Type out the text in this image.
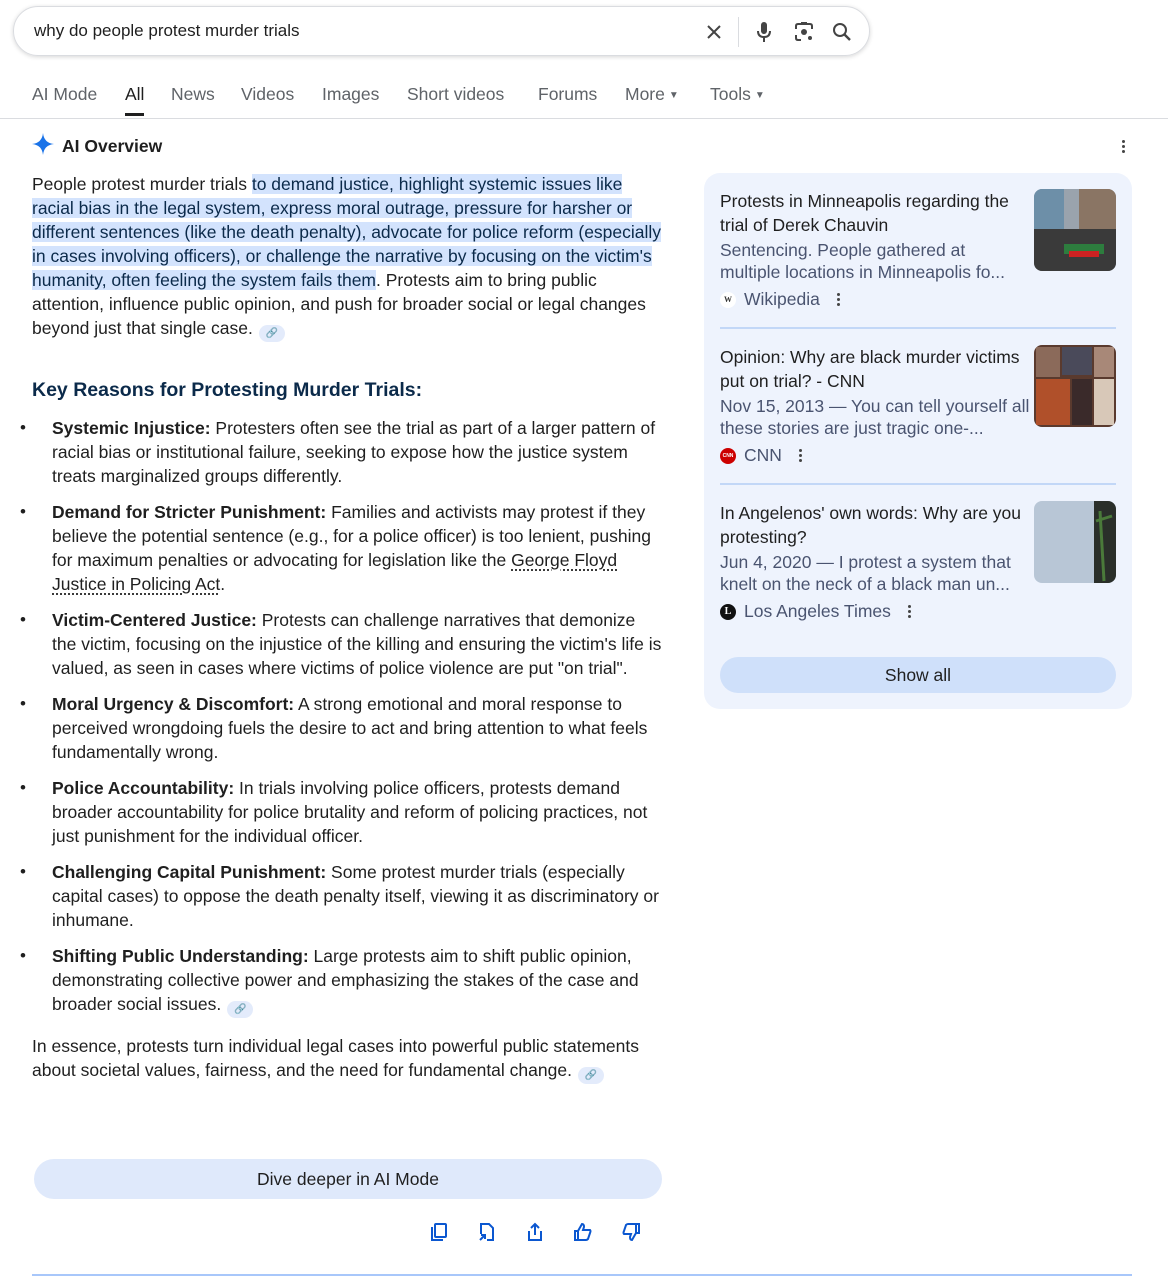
why do people protest murder trials
AI Mode All News Videos Images Short videos Forums More ▼ Tools ▼
AI Overview
People protest murder trials to demand justice, highlight systemic issues like racial bias in the legal system, express moral outrage, pressure for harsher or different sentences (like the death penalty), advocate for police reform (especially in cases involving officers), or challenge the narrative by focusing on the victim's humanity, often feeling the system fails them. Protests aim to bring public attention, influence public opinion, and push for broader social or legal changes beyond just that single case. 🔗
Key Reasons for Protesting Murder Trials:
• Systemic Injustice: Protesters often see the trial as part of a larger pattern of racial bias or institutional failure, seeking to expose how the justice system treats marginalized groups differently.
• Demand for Stricter Punishment: Families and activists may protest if they believe the potential sentence (e.g., for a police officer) is too lenient, pushing for maximum penalties or advocating for legislation like the George Floyd Justice in Policing Act.
• Victim-Centered Justice: Protests can challenge narratives that demonize the victim, focusing on the injustice of the killing and ensuring the victim's life is valued, as seen in cases where victims of police violence are put "on trial".
• Moral Urgency & Discomfort: A strong emotional and moral response to perceived wrongdoing fuels the desire to act and bring attention to what feels fundamentally wrong.
• Police Accountability: In trials involving police officers, protests demand broader accountability for police brutality and reform of policing practices, not just punishment for the individual officer.
• Challenging Capital Punishment: Some protest murder trials (especially capital cases) to oppose the death penalty itself, viewing it as discriminatory or inhumane.
• Shifting Public Understanding: Large protests aim to shift public opinion, demonstrating collective power and emphasizing the stakes of the case and broader social issues. 🔗
In essence, protests turn individual legal cases into powerful public statements about societal values, fairness, and the need for fundamental change. 🔗
Dive deeper in AI Mode
Protests in Minneapolis regarding the trial of Derek Chauvin
Sentencing. People gathered at multiple locations in Minneapolis fo...
W Wikipedia
Opinion: Why are black murder victims put on trial? - CNN
Nov 15, 2013 — You can tell yourself all these stories are just tragic one-...
CNN CNN
In Angelenos' own words: Why are you protesting?
Jun 4, 2020 — I protest a system that knelt on the neck of a black man un...
L Los Angeles Times
Show all
